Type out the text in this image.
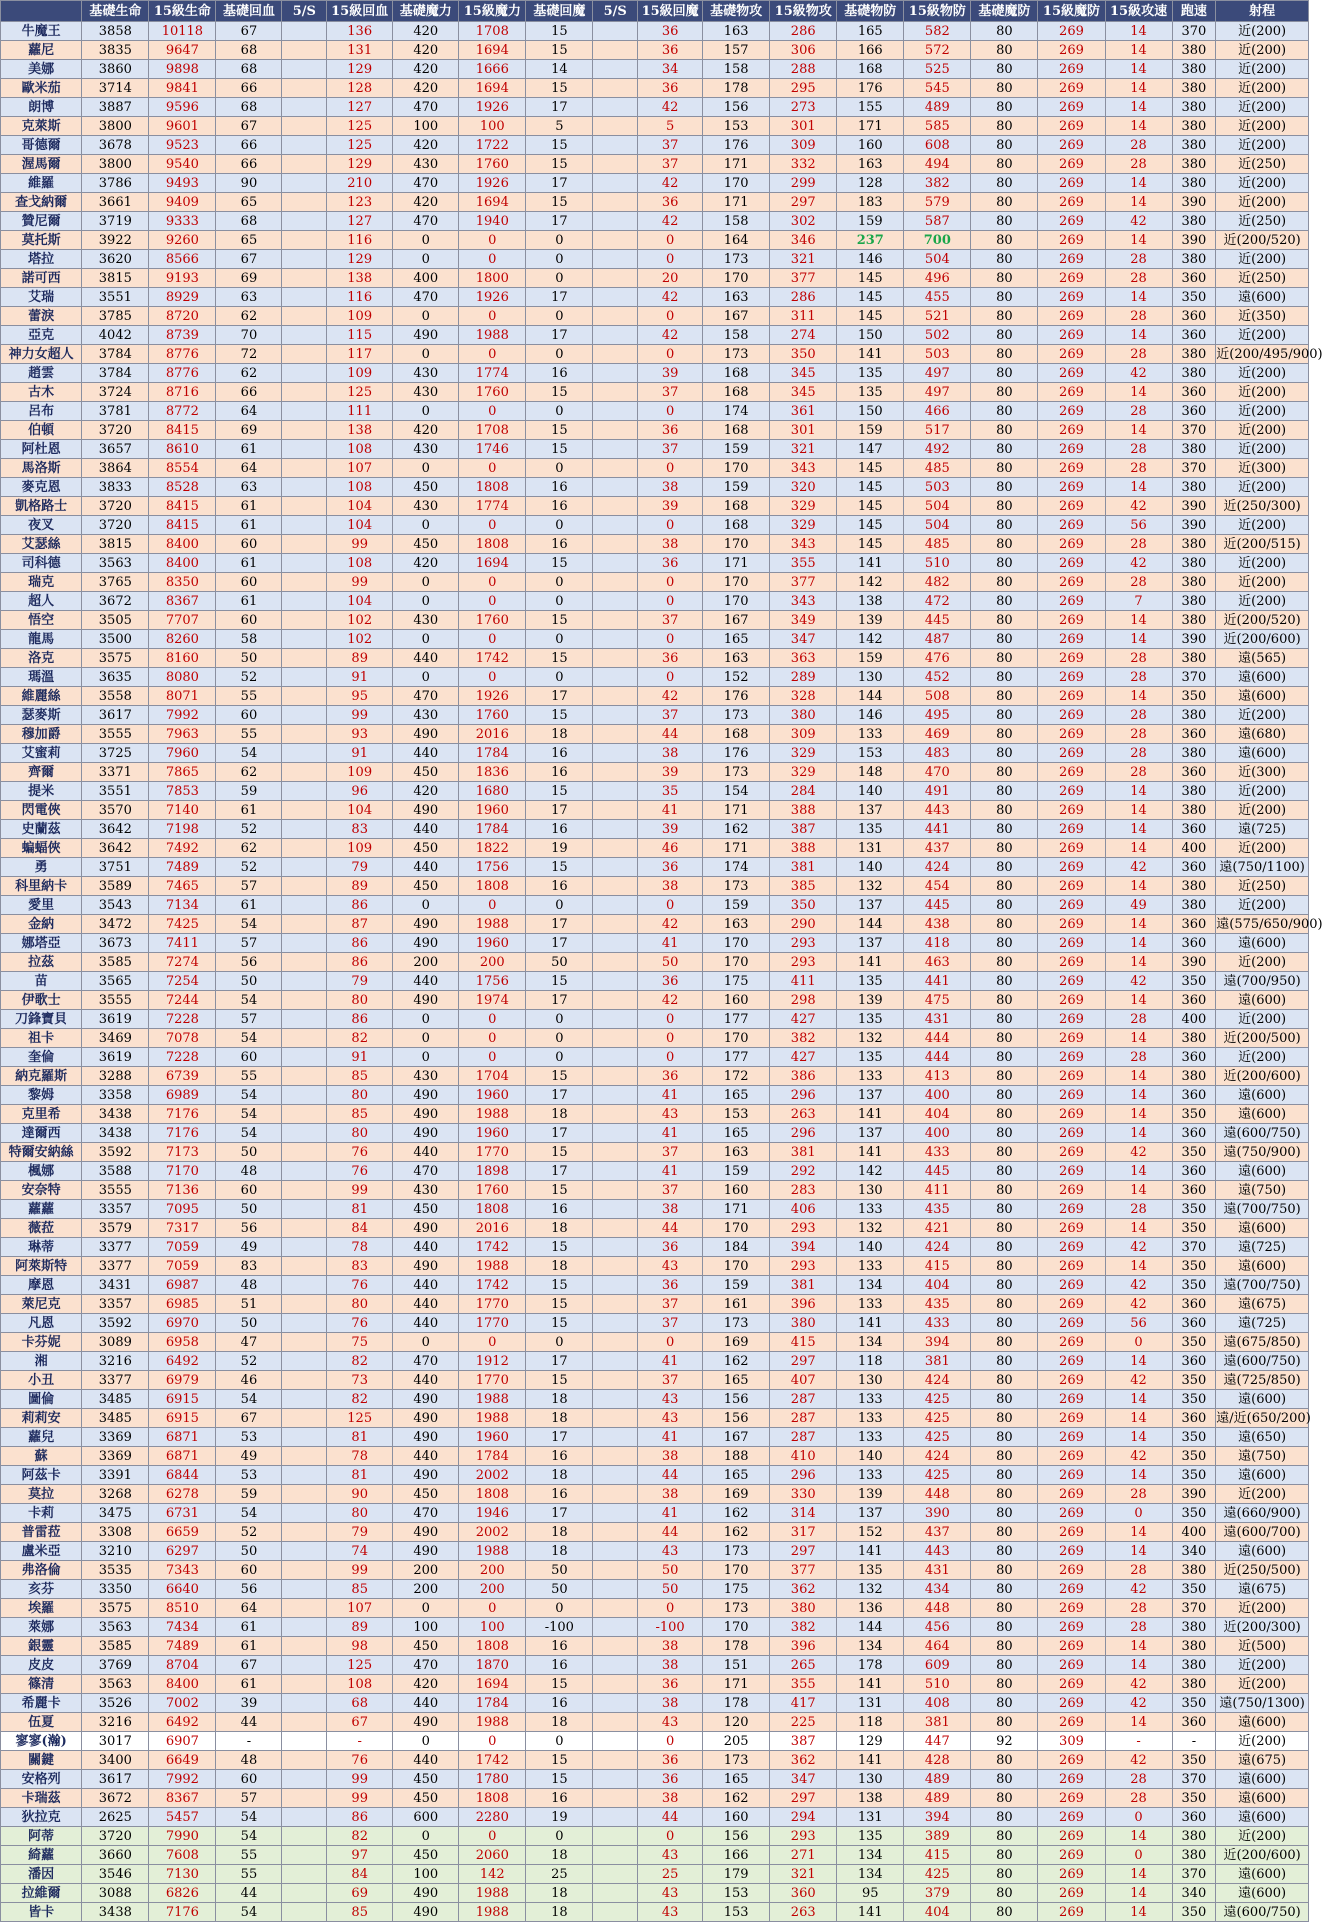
	基礎生命	15級生命	基礎回血	5/S	15級回血	基礎魔力	15級魔力	基礎回魔	5/S	15級回魔	基礎物攻	15級物攻	基礎物防	15級物防	基礎魔防	15級魔防	15級攻速	跑速	射程
牛魔王	3858	10118	67		136	420	1708	15		36	163	286	165	582	80	269	14	370	近(200)
蘿尼	3835	9647	68		131	420	1694	15		36	157	306	166	572	80	269	14	380	近(200)
美娜	3860	9898	68		129	420	1666	14		34	158	288	168	525	80	269	14	380	近(200)
歐米茄	3714	9841	66		128	420	1694	15		36	178	295	176	545	80	269	14	380	近(200)
朗博	3887	9596	68		127	470	1926	17		42	156	273	155	489	80	269	14	380	近(200)
克萊斯	3800	9601	67		125	100	100	5		5	153	301	171	585	80	269	14	380	近(200)
哥德爾	3678	9523	66		125	420	1722	15		37	176	309	160	608	80	269	28	380	近(200)
渥馬爾	3800	9540	66		129	430	1760	15		37	171	332	163	494	80	269	28	380	近(250)
維羅	3786	9493	90		210	470	1926	17		42	170	299	128	382	80	269	14	380	近(200)
查戈納爾	3661	9409	65		123	420	1694	15		36	171	297	183	579	80	269	14	390	近(200)
贊尼爾	3719	9333	68		127	470	1940	17		42	158	302	159	587	80	269	42	380	近(250)
莫托斯	3922	9260	65		116	0	0	0		0	164	346	237	700	80	269	14	390	近(200/520)
塔拉	3620	8566	67		129	0	0	0		0	173	321	146	504	80	269	28	380	近(200)
諾可西	3815	9193	69		138	400	1800	0		20	170	377	145	496	80	269	28	360	近(250)
艾瑞	3551	8929	63		116	470	1926	17		42	163	286	145	455	80	269	14	350	遠(600)
蕾淚	3785	8720	62		109	0	0	0		0	167	311	145	521	80	269	28	360	近(350)
亞克	4042	8739	70		115	490	1988	17		42	158	274	150	502	80	269	14	360	近(200)
神力女超人	3784	8776	72		117	0	0	0		0	173	350	141	503	80	269	28	380	近(200/495/900)
趙雲	3784	8776	62		109	430	1774	16		39	168	345	135	497	80	269	42	380	近(200)
古木	3724	8716	66		125	430	1760	15		37	168	345	135	497	80	269	14	360	近(200)
呂布	3781	8772	64		111	0	0	0		0	174	361	150	466	80	269	28	360	近(200)
伯頓	3720	8415	69		138	420	1708	15		36	168	301	159	517	80	269	14	370	近(200)
阿杜恩	3657	8610	61		108	430	1746	15		37	159	321	147	492	80	269	28	380	近(200)
馬洛斯	3864	8554	64		107	0	0	0		0	170	343	145	485	80	269	28	370	近(300)
麥克恩	3833	8528	63		108	450	1808	16		38	159	320	145	503	80	269	14	380	近(200)
凱格路士	3720	8415	61		104	430	1774	16		39	168	329	145	504	80	269	42	390	近(250/300)
夜叉	3720	8415	61		104	0	0	0		0	168	329	145	504	80	269	56	390	近(200)
艾瑟絲	3815	8400	60		99	450	1808	16		38	170	343	145	485	80	269	28	380	近(200/515)
司科德	3563	8400	61		108	420	1694	15		36	171	355	141	510	80	269	42	380	近(200)
瑞克	3765	8350	60		99	0	0	0		0	170	377	142	482	80	269	28	380	近(200)
超人	3672	8367	61		104	0	0	0		0	170	343	138	472	80	269	7	380	近(200)
悟空	3505	7707	60		102	430	1760	15		37	167	349	139	445	80	269	14	380	近(200/520)
龍馬	3500	8260	58		102	0	0	0		0	165	347	142	487	80	269	14	390	近(200/600)
洛克	3575	8160	50		89	440	1742	15		36	163	363	159	476	80	269	28	380	遠(565)
瑪溫	3635	8080	52		91	0	0	0		0	152	289	130	452	80	269	28	370	遠(600)
維麗絲	3558	8071	55		95	470	1926	17		42	176	328	144	508	80	269	14	350	遠(600)
瑟麥斯	3617	7992	60		99	430	1760	15		37	173	380	146	495	80	269	28	380	近(200)
穆加爵	3555	7963	55		93	490	2016	18		44	168	309	133	469	80	269	28	360	遠(680)
艾蜜莉	3725	7960	54		91	440	1784	16		38	176	329	153	483	80	269	28	380	遠(600)
齊爾	3371	7865	62		109	450	1836	16		39	173	329	148	470	80	269	28	360	近(300)
提米	3551	7853	59		96	420	1680	15		35	154	284	140	491	80	269	14	380	近(200)
閃電俠	3570	7140	61		104	490	1960	17		41	171	388	137	443	80	269	14	380	近(200)
史蘭茲	3642	7198	52		83	440	1784	16		39	162	387	135	441	80	269	14	360	遠(725)
蝙蝠俠	3642	7492	62		109	450	1822	19		46	171	388	131	437	80	269	14	400	近(200)
勇	3751	7489	52		79	440	1756	15		36	174	381	140	424	80	269	42	360	遠(750/1100)
科里納卡	3589	7465	57		89	450	1808	16		38	173	385	132	454	80	269	14	380	近(250)
愛里	3543	7134	61		86	0	0	0		0	159	350	137	445	80	269	49	380	近(200)
金納	3472	7425	54		87	490	1988	17		42	163	290	144	438	80	269	14	360	遠(575/650/900)
娜塔亞	3673	7411	57		86	490	1960	17		41	170	293	137	418	80	269	14	360	遠(600)
拉茲	3585	7274	56		86	200	200	50		50	170	293	141	463	80	269	14	390	近(200)
苗	3565	7254	50		79	440	1756	15		36	175	411	135	441	80	269	42	350	遠(700/950)
伊歌士	3555	7244	54		80	490	1974	17		42	160	298	139	475	80	269	14	360	遠(600)
刀鋒寶貝	3619	7228	57		86	0	0	0		0	177	427	135	431	80	269	28	400	近(200)
祖卡	3469	7078	54		82	0	0	0		0	170	382	132	444	80	269	14	380	近(200/500)
奎倫	3619	7228	60		91	0	0	0		0	177	427	135	444	80	269	28	360	近(200)
納克羅斯	3288	6739	55		85	430	1704	15		36	172	386	133	413	80	269	14	380	近(200/600)
黎姆	3358	6989	54		80	490	1960	17		41	165	296	137	400	80	269	14	360	遠(600)
克里希	3438	7176	54		85	490	1988	18		43	153	263	141	404	80	269	14	350	遠(600)
達爾西	3438	7176	54		80	490	1960	17		41	165	296	137	400	80	269	14	360	遠(600/750)
特爾安納絲	3592	7173	50		76	440	1770	15		37	163	381	141	433	80	269	42	350	遠(750/900)
楓娜	3588	7170	48		76	470	1898	17		41	159	292	142	445	80	269	14	360	遠(600)
安奈特	3555	7136	60		99	430	1760	15		37	160	283	130	411	80	269	14	360	遠(750)
蘿蘿	3357	7095	50		81	450	1808	16		38	171	406	133	435	80	269	28	350	遠(700/750)
薇菈	3579	7317	56		84	490	2016	18		44	170	293	132	421	80	269	14	350	遠(600)
琳蒂	3377	7059	49		78	440	1742	15		36	184	394	140	424	80	269	42	370	遠(725)
阿萊斯特	3377	7059	83		83	490	1988	18		43	170	293	133	415	80	269	14	350	遠(600)
摩恩	3431	6987	48		76	440	1742	15		36	159	381	134	404	80	269	42	350	遠(700/750)
萊尼克	3357	6985	51		80	440	1770	15		37	161	396	133	435	80	269	42	360	遠(675)
凡恩	3592	6970	50		76	440	1770	15		37	173	380	141	433	80	269	56	360	遠(725)
卡芬妮	3089	6958	47		75	0	0	0		0	169	415	134	394	80	269	0	350	遠(675/850)
湘	3216	6492	52		82	470	1912	17		41	162	297	118	381	80	269	14	360	遠(600/750)
小丑	3377	6979	46		73	440	1770	15		37	165	407	130	424	80	269	42	350	遠(725/850)
圖倫	3485	6915	54		82	490	1988	18		43	156	287	133	425	80	269	14	350	遠(600)
莉莉安	3485	6915	67		125	490	1988	18		43	156	287	133	425	80	269	14	360	遠/近(650/200)
蘿兒	3369	6871	53		81	490	1960	17		41	167	287	133	425	80	269	14	350	遠(650)
蘇	3369	6871	49		78	440	1784	16		38	188	410	140	424	80	269	42	350	遠(750)
阿茲卡	3391	6844	53		81	490	2002	18		44	165	296	133	425	80	269	14	350	遠(600)
莫拉	3268	6278	59		90	450	1808	16		38	169	330	139	448	80	269	28	390	近(200)
卡莉	3475	6731	54		80	470	1946	17		41	162	314	137	390	80	269	0	350	遠(660/900)
普雷菈	3308	6659	52		79	490	2002	18		44	162	317	152	437	80	269	14	400	遠(600/700)
盧米亞	3210	6297	50		74	490	1988	18		43	173	297	141	443	80	269	14	340	遠(600)
弗洛倫	3535	7343	60		99	200	200	50		50	170	377	135	431	80	269	28	380	近(250/500)
亥芬	3350	6640	56		85	200	200	50		50	175	362	132	434	80	269	42	350	遠(675)
埃羅	3575	8510	64		107	0	0	0		0	173	380	136	448	80	269	28	370	近(200)
萊娜	3563	7434	61		89	100	100	-100		-100	170	382	144	456	80	269	28	380	近(200/300)
銀靈	3585	7489	61		98	450	1808	16		38	178	396	134	464	80	269	14	380	近(500)
皮皮	3769	8704	67		125	470	1870	16		38	151	265	178	609	80	269	14	380	近(200)
篠清	3563	8400	61		108	420	1694	15		36	171	355	141	510	80	269	42	380	近(200)
希麗卡	3526	7002	39		68	440	1784	16		38	178	417	131	408	80	269	42	350	遠(750/1300)
伍夏	3216	6492	44		67	490	1988	18		43	120	225	118	381	80	269	14	360	遠(600)
寥寥(瀚)	3017	6907	-		-	0	0	0		0	205	387	129	447	92	309	-	-	近(200)
關鍵	3400	6649	48		76	440	1742	15		36	173	362	141	428	80	269	42	350	遠(675)
安格列	3617	7992	60		99	450	1780	15		36	165	347	130	489	80	269	28	370	遠(600)
卡瑞茲	3672	8367	57		99	450	1808	16		38	162	297	138	489	80	269	28	350	遠(600)
狄拉克	2625	5457	54		86	600	2280	19		44	160	294	131	394	80	269	0	360	遠(600)
阿蒂	3720	7990	54		82	0	0	0		0	156	293	135	389	80	269	14	380	近(200)
綺蘿	3660	7608	55		97	450	2060	18		43	166	271	134	415	80	269	0	380	近(200/600)
潘因	3546	7130	55		84	100	142	25		25	179	321	134	425	80	269	14	370	遠(600)
拉維爾	3088	6826	44		69	490	1988	18		43	153	360	95	379	80	269	14	340	遠(600)
皆卡	3438	7176	54		85	490	1988	18		43	153	263	141	404	80	269	14	350	遠(600/750)
